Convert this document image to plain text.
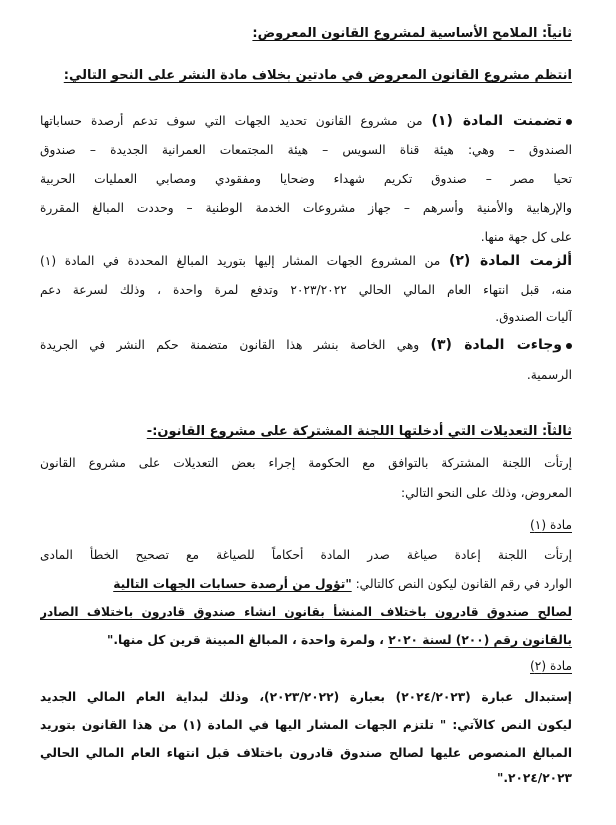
ثانياً: الملامح الأساسية لمشروع القانون المعروض:
انتظم مشروع القانون المعروض في مادتين بخلاف مادة النشر على النحو التالي:
تضمنت المادة (١) من مشروع القانون تحديد الجهات التي سوف تدعم أرصدة حساباتها
الصندوق – وهي: هيئة قناة السويس – هيئة المجتمعات العمرانية الجديدة – صندوق
تحيا مصر – صندوق تكريم شهداء وضحايا ومفقودي ومصابي العمليات الحربية
والإرهابية والأمنية وأسرهم – جهاز مشروعات الخدمة الوطنية – وحددت المبالغ المقررة
على كل جهة منها.
ألزمت المادة (٢) من المشروع الجهات المشار إليها بتوريد المبالغ المحددة في المادة (١)
منه، قبل انتهاء العام المالي الحالي ٢٠٢٣/٢٠٢٢ وتدفع لمرة واحدة ، وذلك لسرعة دعم
آليات الصندوق.
وجاءت المادة (٣) وهي الخاصة بنشر هذا القانون متضمنة حكم النشر في الجريدة
الرسمية.
ثالثاً: التعديلات التي أدخلتها اللجنة المشتركة على مشروع القانون:-
إرتأت اللجنة المشتركة بالتوافق مع الحكومة إجراء بعض التعديلات على مشروع القانون
المعروض، وذلك على النحو التالي:
مادة (١)
إرتأت اللجنة إعادة صياغة صدر المادة أحكاماً للصياغة مع تصحيح الخطأ المادى
الوارد في رقم القانون ليكون النص كالتالي: "تؤول من أرصدة حسابات الجهات التالية
لصالح صندوق قادرون باختلاف المنشأ بقانون انشاء صندوق قادرون باختلاف الصادر
بالقانون رقم (٢٠٠) لسنة ٢٠٢٠ ، ولمرة واحدة ، المبالغ المبينة قرين كل منها."
مادة (٢)
إستبدال عبارة (٢٠٢٤/٢٠٢٣) بعبارة (٢٠٢٣/٢٠٢٢)، وذلك لبداية العام المالي الجديد
ليكون النص كالآتي: " تلتزم الجهات المشار اليها في المادة (١) من هذا القانون بتوريد
المبالغ المنصوص عليها لصالح صندوق قادرون باختلاف قبل انتهاء العام المالي الحالي
٢٠٢٤/٢٠٢٣."
